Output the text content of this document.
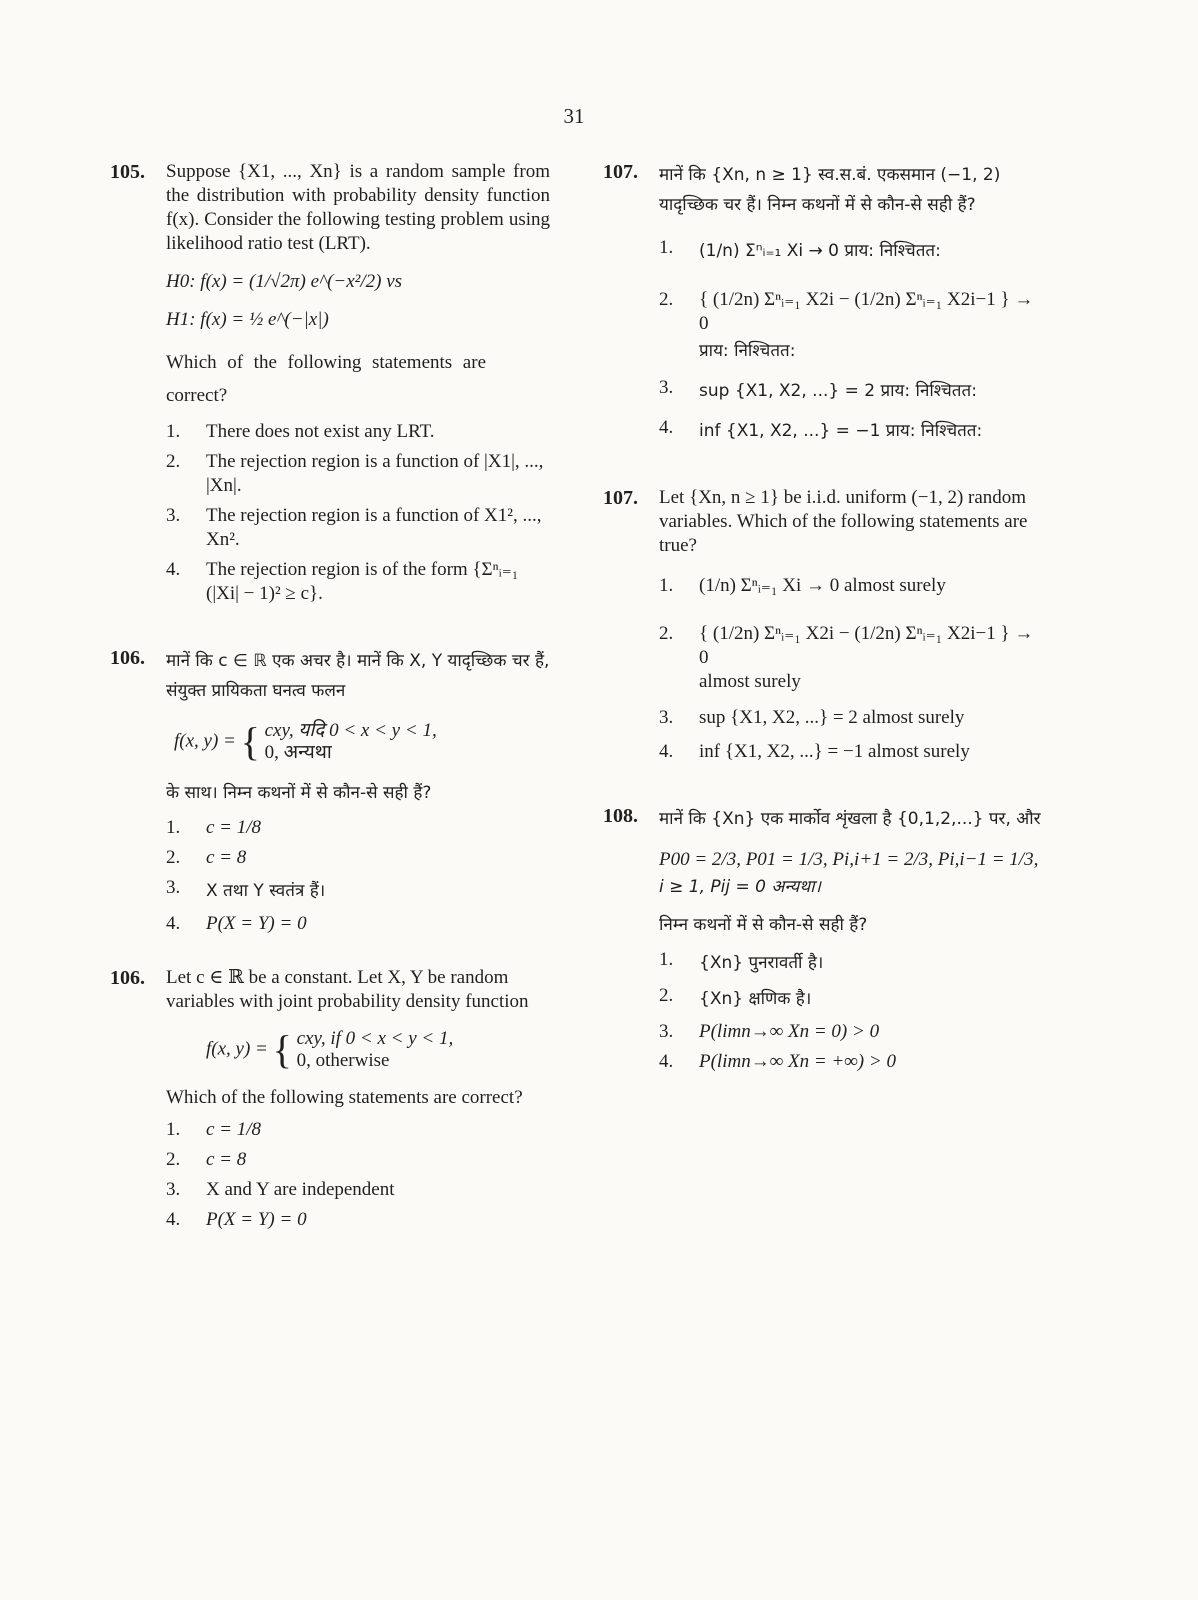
31
105. Suppose {X1, ..., Xn} is a random sample from the distribution with probability density function f(x). Consider the following testing problem using likelihood ratio test (LRT).
H0: f(x) = (1/√2π) e^(−x²/2) vs
H1: f(x) = ½ e^(−|x|)
Which of the following statements are correct?
1. There does not exist any LRT.
2. The rejection region is a function of |X1|, ..., |Xn|.
3. The rejection region is a function of X1², ..., Xn².
4. The rejection region is of the form {Σⁿᵢ₌₁ (|Xi| − 1)² ≥ c}.
106. मानें कि c ∈ ℝ एक अचर है। मानें कि X, Y यादृच्छिक चर हैं, संयुक्त प्रायिकता घनत्व फलन
f(x, y) = { cxy, यदि 0 < x < y < 1,
0, अन्यथा
के साथ। निम्न कथनों में से कौन-से सही हैं?
1. c = 1/8
2. c = 8
3. X तथा Y स्वतंत्र हैं।
4. P(X = Y) = 0
106. Let c ∈ ℝ be a constant. Let X, Y be random variables with joint probability density function
f(x, y) = { cxy, if 0 < x < y < 1,
0, otherwise
Which of the following statements are correct?
1. c = 1/8
2. c = 8
3. X and Y are independent
4. P(X = Y) = 0
107. मानें कि {Xn, n ≥ 1} स्व.स.बं. एकसमान (−1, 2) यादृच्छिक चर हैं। निम्न कथनों में से कौन-से सही हैं?
1. (1/n) Σⁿᵢ₌₁ Xi → 0 प्राय: निश्चितत:
2. { (1/2n) Σⁿᵢ₌₁ X2i − (1/2n) Σⁿᵢ₌₁ X2i−1 } → 0
प्राय: निश्चितत:
3. sup {X1, X2, ...} = 2 प्राय: निश्चितत:
4. inf {X1, X2, ...} = −1 प्राय: निश्चितत:
107. Let {Xn, n ≥ 1} be i.i.d. uniform (−1, 2) random variables. Which of the following statements are true?
1. (1/n) Σⁿᵢ₌₁ Xi → 0 almost surely
2. { (1/2n) Σⁿᵢ₌₁ X2i − (1/2n) Σⁿᵢ₌₁ X2i−1 } → 0
almost surely
3. sup {X1, X2, ...} = 2 almost surely
4. inf {X1, X2, ...} = −1 almost surely
108. मानें कि {Xn} एक मार्कोव शृंखला है {0,1,2,...} पर, और
P00 = 2/3, P01 = 1/3, Pi,i+1 = 2/3, Pi,i−1 = 1/3,
i ≥ 1, Pij = 0 अन्यथा।
निम्न कथनों में से कौन-से सही हैं?
1. {Xn} पुनरावर्ती है।
2. {Xn} क्षणिक है।
3. P(limn→∞ Xn = 0) > 0
4. P(limn→∞ Xn = +∞) > 0
